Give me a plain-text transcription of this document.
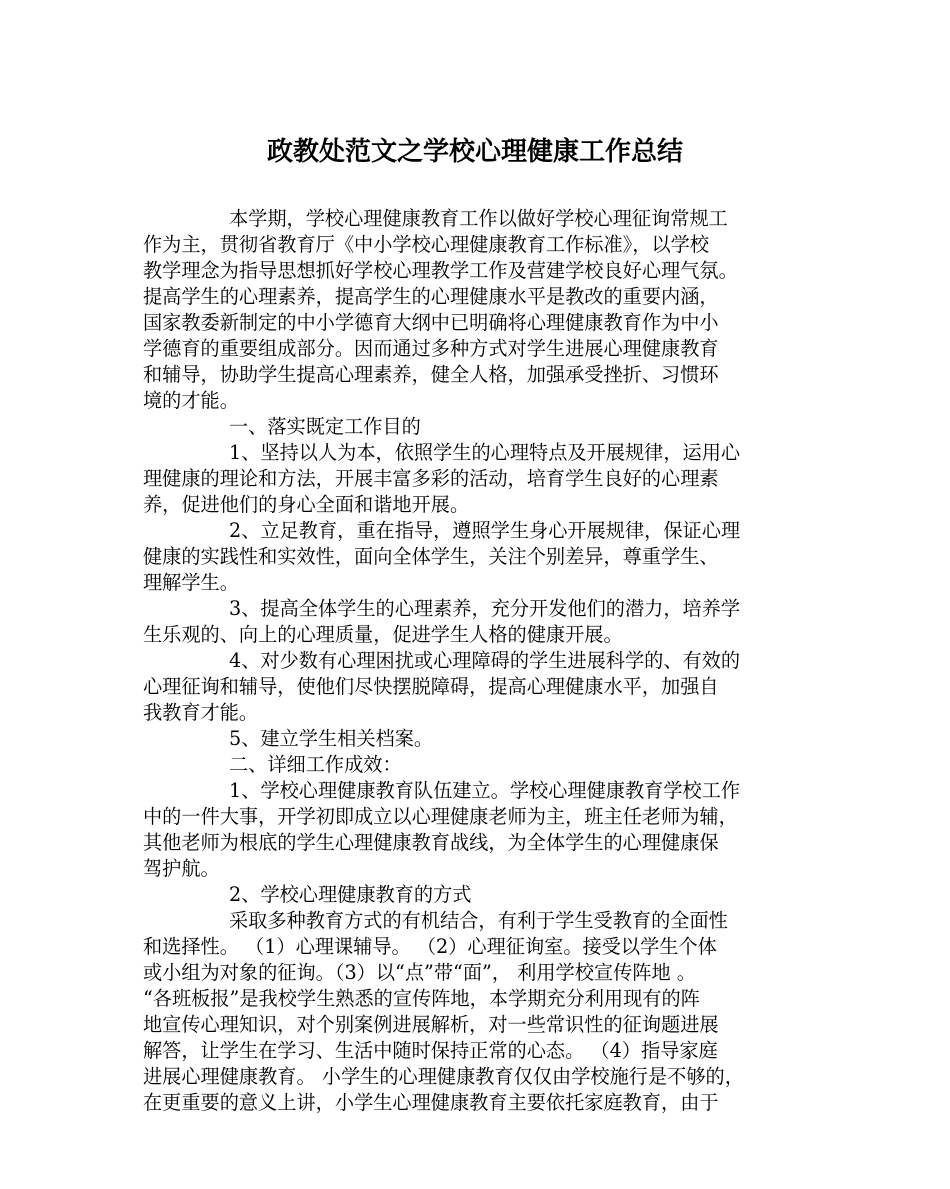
政教处范文之学校心理健康工作总结
本学期，学校心理健康教育工作以做好学校心理征询常规工
作为主，贯彻省教育厅《中小学校心理健康教育工作标准》，以学校
教学理念为指导思想抓好学校心理教学工作及营建学校良好心理气氛。
提高学生的心理素养，提高学生的心理健康水平是教改的重要内涵，
国家教委新制定的中小学德育大纲中已明确将心理健康教育作为中小
学德育的重要组成部分。因而通过多种方式对学生进展心理健康教育
和辅导，协助学生提高心理素养，健全人格，加强承受挫折、习惯环
境的才能。
一、落实既定工作目的
1、坚持以人为本，依照学生的心理特点及开展规律，运用心
理健康的理论和方法，开展丰富多彩的活动，培育学生良好的心理素
养，促进他们的身心全面和谐地开展。
2、立足教育，重在指导，遵照学生身心开展规律，保证心理
健康的实践性和实效性，面向全体学生，关注个别差异，尊重学生、
理解学生。
3、提高全体学生的心理素养，充分开发他们的潜力，培养学
生乐观的、向上的心理质量，促进学生人格的健康开展。
4、对少数有心理困扰或心理障碍的学生进展科学的、有效的
心理征询和辅导，使他们尽快摆脱障碍，提高心理健康水平，加强自
我教育才能。
5、建立学生相关档案。
二、详细工作成效：
1、学校心理健康教育队伍建立。学校心理健康教育学校工作
中的一件大事，开学初即成立以心理健康老师为主，班主任老师为辅，
其他老师为根底的学生心理健康教育战线，为全体学生的心理健康保
驾护航。
2、学校心理健康教育的方式
采取多种教育方式的有机结合，有利于学生受教育的全面性
和选择性。 （1）心理课辅导。 （2）心理征询室。接受以学生个体
或小组为对象的征询。（3）以“点”带“面”， 利用学校宣传阵地 。
“各班板报”是我校学生熟悉的宣传阵地，本学期充分利用现有的阵
地宣传心理知识，对个别案例进展解析，对一些常识性的征询题进展
解答，让学生在学习、生活中随时保持正常的心态。 （4）指导家庭
进展心理健康教育。 小学生的心理健康教育仅仅由学校施行是不够的，
在更重要的意义上讲，小学生心理健康教育主要依托家庭教育，由于
